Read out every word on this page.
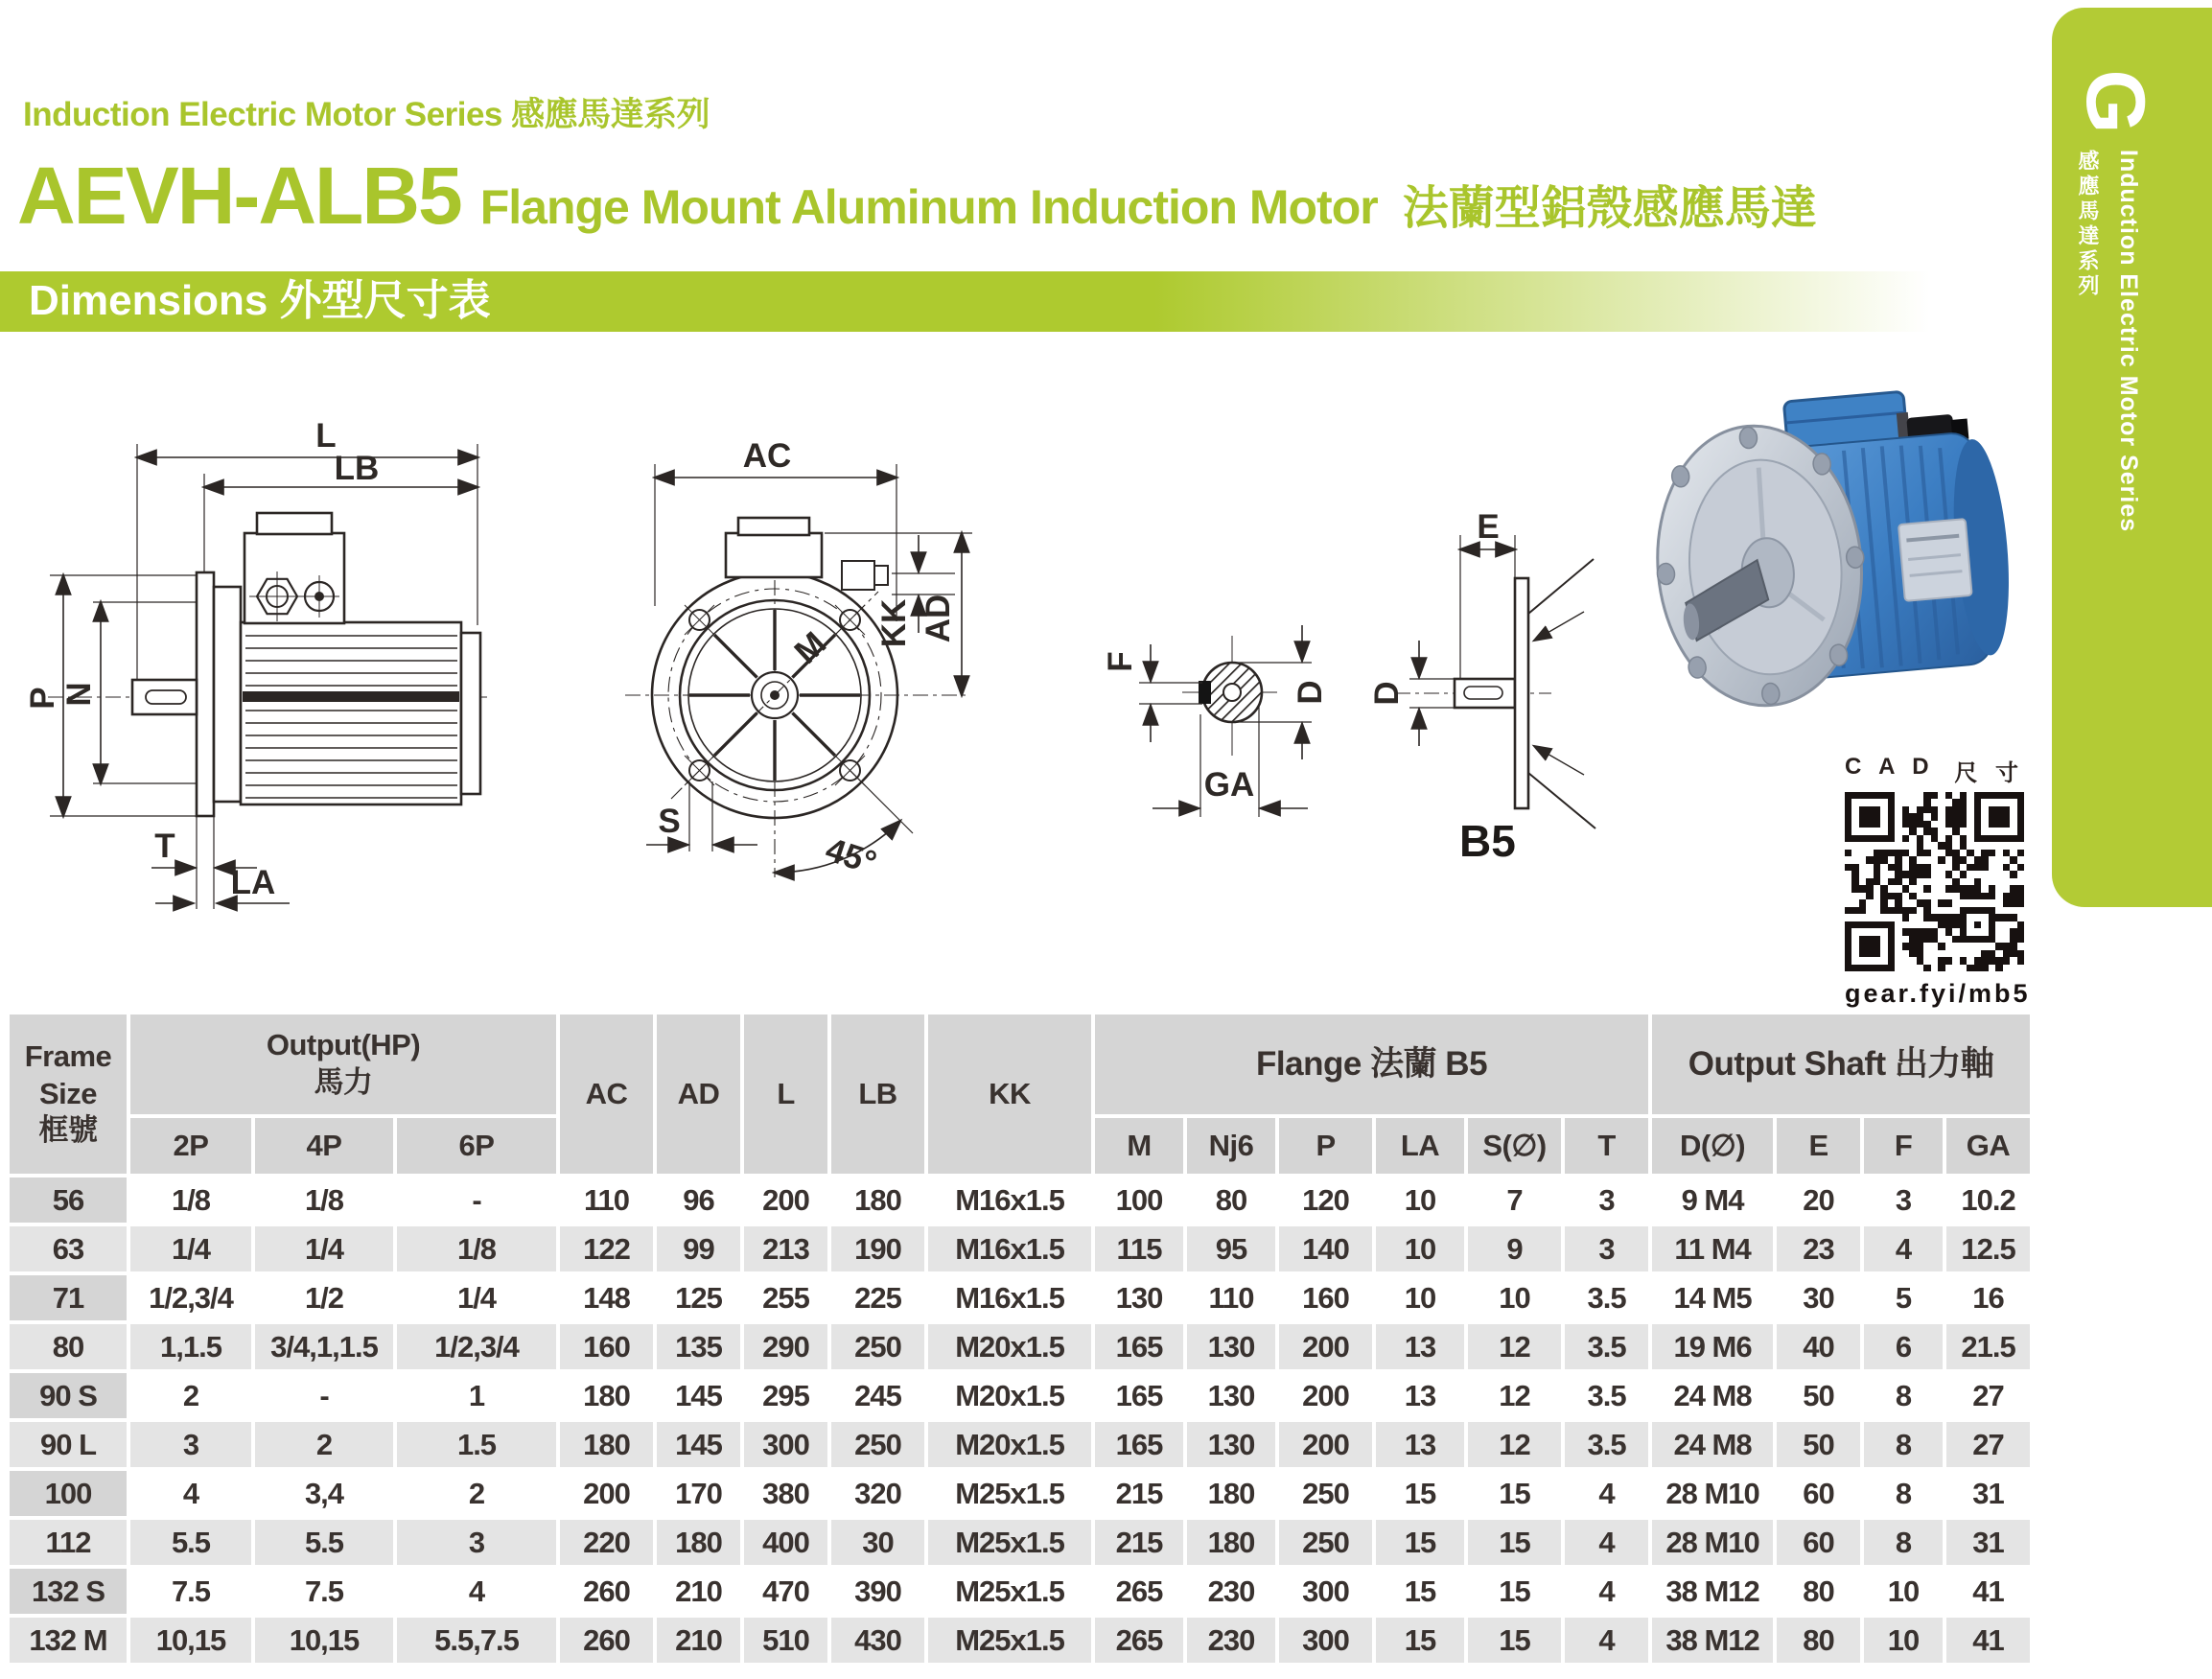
Induction Electric Motor Series 感應馬達系列
AEVH-ALB5 Flange Mount Aluminum Induction Motor 法蘭型鋁殼感應馬達
Dimensions 外型尺寸表
G
感應馬達系列 Induction Electric Motor Series
L
LB
P N
T
LA
AC
AD
KK
M
S
45°
F
D
GA
E
D
B5
C A D 尺 寸
gear.fyi/mb5
Frame
Size
框號

Output(HP)
馬力	AC	AD	L	LB	KK	Flange 法蘭 B5	Output Shaft 出力軸
	2P	4P	6P						M	Nj6	P	LA	S(∅)	T	D(∅)	E	F	GA
56	1/8	1/8	-	110	96	200	180	M16x1.5	100	80	120	10	7	3	9 M4	20	3	10.2
63	1/4	1/4	1/8	122	99	213	190	M16x1.5	115	95	140	10	9	3	11 M4	23	4	12.5
71	1/2,3/4	1/2	1/4	148	125	255	225	M16x1.5	130	110	160	10	10	3.5	14 M5	30	5	16
80	1,1.5	3/4,1,1.5	1/2,3/4	160	135	290	250	M20x1.5	165	130	200	13	12	3.5	19 M6	40	6	21.5
90 S	2	-	1	180	145	295	245	M20x1.5	165	130	200	13	12	3.5	24 M8	50	8	27
90 L	3	2	1.5	180	145	300	250	M20x1.5	165	130	200	13	12	3.5	24 M8	50	8	27
100	4	3,4	2	200	170	380	320	M25x1.5	215	180	250	15	15	4	28 M10	60	8	31
112	5.5	5.5	3	220	180	400	30	M25x1.5	215	180	250	15	15	4	28 M10	60	8	31
132 S	7.5	7.5	4	260	210	470	390	M25x1.5	265	230	300	15	15	4	38 M12	80	10	41
132 M	10,15	10,15	5.5,7.5	260	210	510	430	M25x1.5	265	230	300	15	15	4	38 M12	80	10	41
